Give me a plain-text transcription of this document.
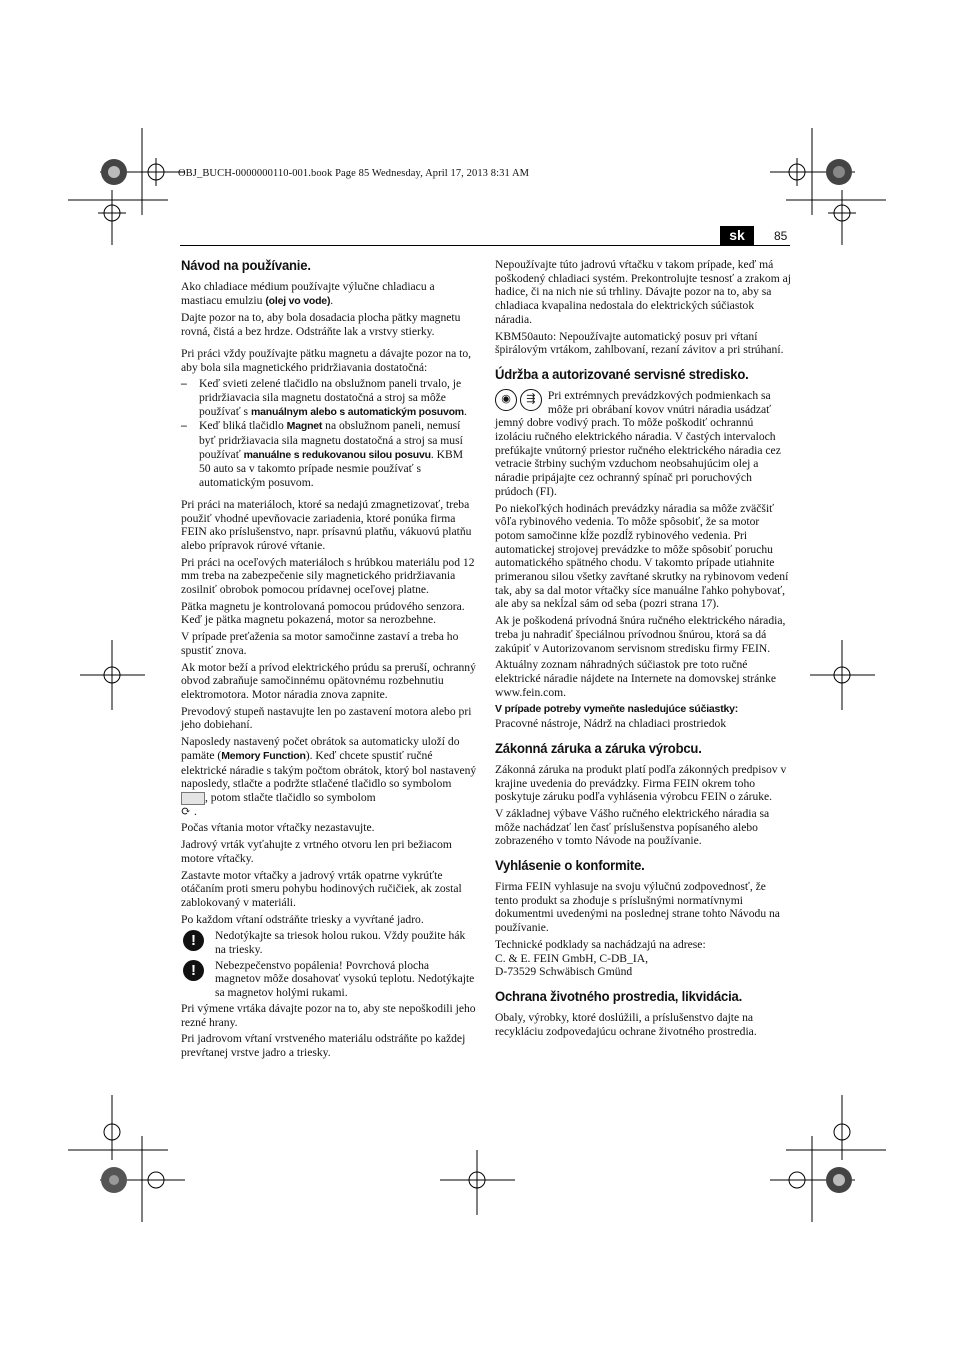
OBJ_BUCH-0000000110-001.book Page 85 Wednesday, April 17, 2013 8:31 AM
sk	85
Návod na používanie.

Ako chladiace médium používajte výlučne chladiacu a mastiacu emulziu (olej vo vode).

Dajte pozor na to, aby bola dosadacia plocha pätky magnetu rovná, čistá a bez hrdze. Odstráňte lak a vrstvy stierky.

Pri práci vždy používajte pätku magnetu a dávajte pozor na to, aby bola sila magnetického pridržiavania dostatočná:

– Keď svieti zelené tlačidlo na obslužnom paneli trvalo, je pridržiavacia sila magnetu dostatočná a stroj sa môže používať s manuálnym alebo s automatickým posuvom.
– Keď bliká tlačidlo Magnet na obslužnom paneli, nemusí byť pridržiavacia sila magnetu dostatočná a stroj sa musí používať manuálne s redukovanou silou posuvu. KBM 50 auto sa v takomto prípade nesmie používať s automatickým posuvom.

Pri práci na materiáloch, ktoré sa nedajú zmagnetizovať, treba použiť vhodné upevňovacie zariadenia, ktoré ponúka firma FEIN ako príslušenstvo, napr. prísavnú platňu, vákuovú platňu alebo prípravok rúrové vŕtanie.

Pri práci na oceľových materiáloch s hrúbkou materiálu pod 12 mm treba na zabezpečenie sily magnetického pridržiavania zosilniť obrobok pomocou prídavnej oceľovej platne.

Pätka magnetu je kontrolovaná pomocou prúdového senzora. Keď je pätka magnetu pokazená, motor sa nerozbehne.

V prípade preťaženia sa motor samočinne zastaví a treba ho spustiť znova.

Ak motor beží a prívod elektrického prúdu sa preruší, ochranný obvod zabraňuje samočinnému opätovnému rozbehnutiu elektromotora. Motor náradia znova zapnite.

Prevodový stupeň nastavujte len po zastavení motora alebo pri jeho dobiehaní.

Naposledy nastavený počet obrátok sa automaticky uloží do pamäte (Memory Function). Keď chcete spustiť ručné elektrické náradie s takým počtom obrátok, ktorý bol nastavený naposledy, stlačte a podržte stlačené tlačidlo so symbolom , potom stlačte tlačidlo so symbolom
⟳ .

Počas vŕtania motor vŕtačky nezastavujte.

Jadrový vrták vyťahujte z vrtného otvoru len pri bežiacom motore vŕtačky.

Zastavte motor vŕtačky a jadrový vrták opatrne vykrúťte otáčaním proti smeru pohybu hodinových ručičiek, ak zostal zablokovaný v materiáli.

Po každom vŕtaní odstráňte triesky a vyvŕtané jadro.

!	Nedotýkajte sa triesok holou rukou. Vždy použite hák na triesky.
!	Nebezpečenstvo popálenia! Povrchová plocha magnetov môže dosahovať vysokú teplotu. Nedotýkajte sa magnetov holými rukami.

Pri výmene vrtáka dávajte pozor na to, aby ste nepoškodili jeho rezné hrany.

Pri jadrovom vŕtaní vrstveného materiálu odstráňte po každej prevŕtanej vrstve jadro a triesky.

Nepoužívajte túto jadrovú vŕtačku v takom prípade, keď má poškodený chladiaci systém. Prekontrolujte tesnosť a zrakom aj hadice, či na nich nie sú trhliny. Dávajte pozor na to, aby sa chladiaca kvapalina nedostala do elektrických súčiastok náradia.

KBM50auto: Nepoužívajte automatický posuv pri vŕtaní špirálovým vrtákom, zahlbovaní, rezaní závitov a pri strúhaní.

Údržba a autorizované servisné stredisko.

◉ ⇶	Pri extrémnych prevádzkových podmienkach sa môže pri obrábaní kovov vnútri náradia usádzať jemný dobre vodivý prach. To môže poškodiť ochrannú izoláciu ručného elektrického náradia. V častých intervaloch prefúkajte vnútorný priestor ručného elektrického náradia cez vetracie štrbiny suchým vzduchom neobsahujúcim olej a náradie pripájajte cez ochranný spínač pri poruchových prúdoch (FI).

Po niekoľkých hodinách prevádzky náradia sa môže zväčšiť vôľa rybinového vedenia. To môže spôsobiť, že sa motor potom samočinne kĺže pozdĺž rybinového vedenia. Pri automatickej strojovej prevádzke to môže spôsobiť poruchu automatického spätného chodu. V takomto prípade utiahnite primeranou silou všetky zavŕtané skrutky na rybinovom vedení tak, aby sa dal motor vŕtačky síce manuálne ľahko pohybovať, ale aby sa nekĺzal sám od seba (pozri strana 17).

Ak je poškodená prívodná šnúra ručného elektrického náradia, treba ju nahradiť špeciálnou prívodnou šnúrou, ktorá sa dá zakúpiť v Autorizovanom servisnom stredisku firmy FEIN.

Aktuálny zoznam náhradných súčiastok pre toto ručné elektrické náradie nájdete na Internete na domovskej stránke www.fein.com.

V prípade potreby vymeňte nasledujúce súčiastky:
Pracovné nástroje, Nádrž na chladiaci prostriedok

Zákonná záruka a záruka výrobcu.

Zákonná záruka na produkt platí podľa zákonných predpisov v krajine uvedenia do prevádzky. Firma FEIN okrem toho poskytuje záruku podľa vyhlásenia výrobcu FEIN o záruke.

V základnej výbave Vášho ručného elektrického náradia sa môže nachádzať len časť príslušenstva popísaného alebo zobrazeného v tomto Návode na používanie.

Vyhlásenie o konformite.

Firma FEIN vyhlasuje na svoju výlučnú zodpovednosť, že tento produkt sa zhoduje s príslušnými normatívnymi dokumentmi uvedenými na poslednej strane tohto Návodu na používanie.

Technické podklady sa nachádzajú na adrese:

C. & E. FEIN GmbH, C-DB_IA,

D-73529 Schwäbisch Gmünd

Ochrana životného prostredia, likvidácia.

Obaly, výrobky, ktoré doslúžili, a príslušenstvo dajte na recykláciu zodpovedajúcu ochrane životného prostredia.
